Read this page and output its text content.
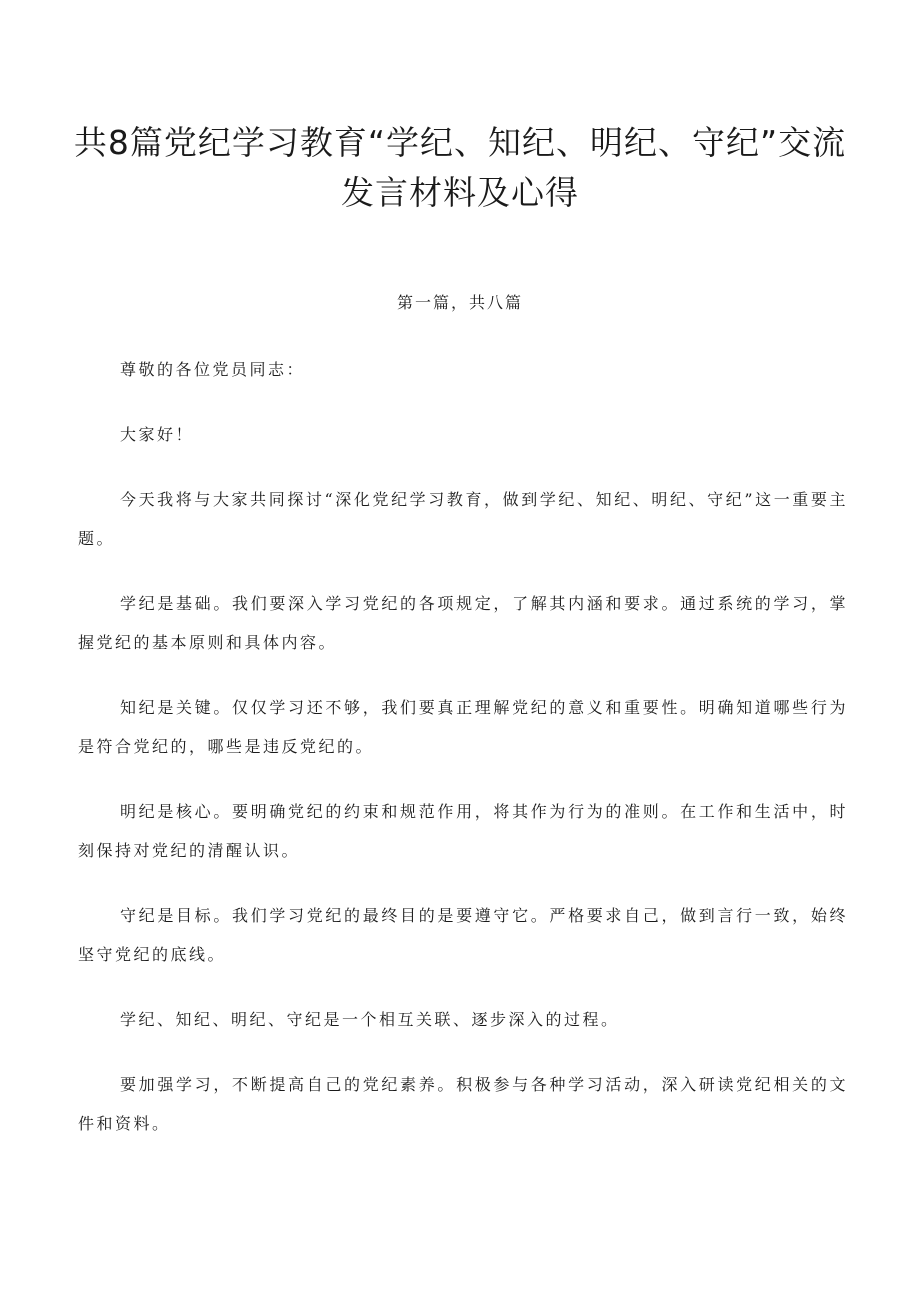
共8篇党纪学习教育“学纪、知纪、明纪、守纪”交流发言材料及心得
第一篇，共八篇

尊敬的各位党员同志：

大家好！

今天我将与大家共同探讨“深化党纪学习教育，做到学纪、知纪、明纪、守纪”这一重要主题。

学纪是基础。我们要深入学习党纪的各项规定，了解其内涵和要求。通过系统的学习，掌握党纪的基本原则和具体内容。

知纪是关键。仅仅学习还不够，我们要真正理解党纪的意义和重要性。明确知道哪些行为是符合党纪的，哪些是违反党纪的。

明纪是核心。要明确党纪的约束和规范作用，将其作为行为的准则。在工作和生活中，时刻保持对党纪的清醒认识。

守纪是目标。我们学习党纪的最终目的是要遵守它。严格要求自己，做到言行一致，始终坚守党纪的底线。

学纪、知纪、明纪、守纪是一个相互关联、逐步深入的过程。

要加强学习，不断提高自己的党纪素养。积极参与各种学习活动，深入研读党纪相关的文件和资料。
